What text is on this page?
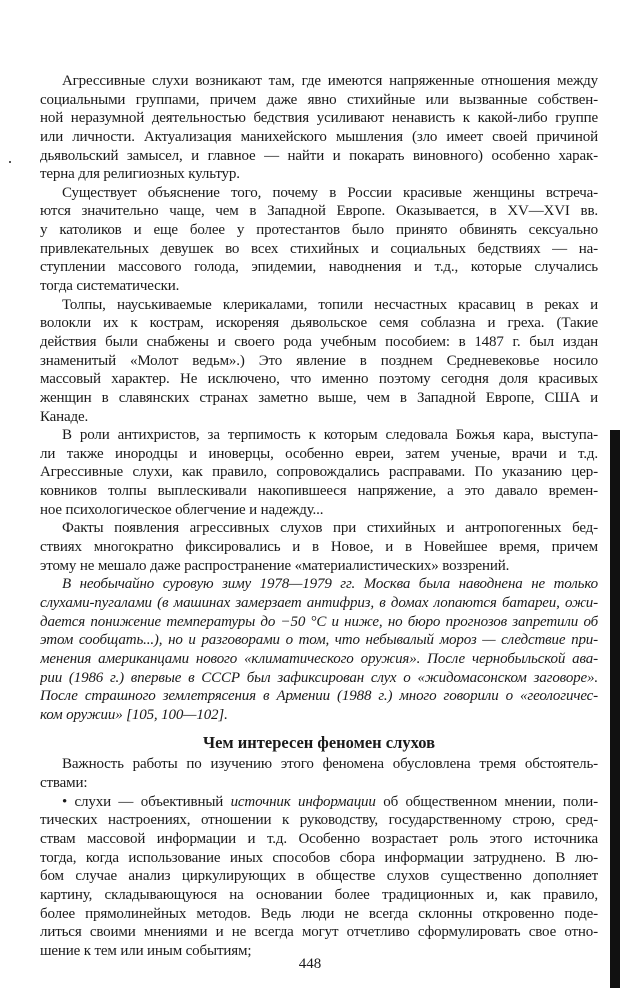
Агрессивные слухи возникают там, где имеются напряженные отношения между
социальными группами, причем даже явно стихийные или вызванные собствен-
ной неразумной деятельностью бедствия усиливают ненависть к какой-либо группе
или личности. Актуализация манихейского мышления (зло имеет своей причиной
дьявольский замысел, и главное — найти и покарать виновного) особенно харак-
терна для религиозных культур.
Существует объяснение того, почему в России красивые женщины встреча-
ются значительно чаще, чем в Западной Европе. Оказывается, в XV—XVI вв.
у католиков и еще более у протестантов было принято обвинять сексуально
привлекательных девушек во всех стихийных и социальных бедствиях — на-
ступлении массового голода, эпидемии, наводнения и т.д., которые случались
тогда систематически.
Толпы, науськиваемые клерикалами, топили несчастных красавиц в реках и
волокли их к кострам, искореняя дьявольское семя соблазна и греха. (Такие
действия были снабжены и своего рода учебным пособием: в 1487 г. был издан
знаменитый «Молот ведьм».) Это явление в позднем Средневековье носило
массовый характер. Не исключено, что именно поэтому сегодня доля красивых
женщин в славянских странах заметно выше, чем в Западной Европе, США и
Канаде.
В роли антихристов, за терпимость к которым следовала Божья кара, выступа-
ли также инородцы и иноверцы, особенно евреи, затем ученые, врачи и т.д.
Агрессивные слухи, как правило, сопровождались расправами. По указанию цер-
ковников толпы выплескивали накопившееся напряжение, а это давало времен-
ное психологическое облегчение и надежду...
Факты появления агрессивных слухов при стихийных и антропогенных бед-
ствиях многократно фиксировались и в Новое, и в Новейшее время, причем
этому не мешало даже распространение «материалистических» воззрений.
В необычайно суровую зиму 1978—1979 гг. Москва была наводнена не только
слухами-пугалами (в машинах замерзает антифриз, в домах лопаются батареи, ожи-
дается понижение температуры до −50 °С и ниже, но бюро прогнозов запретили об
этом сообщать...), но и разговорами о том, что небывалый мороз — следствие при-
менения американцами нового «климатического оружия». После чернобыльской ава-
рии (1986 г.) впервые в СССР был зафиксирован слух о «жидомасонском заговоре».
После страшного землетрясения в Армении (1988 г.) много говорили о «геологичес-
ком оружии» [105, 100—102].
Чем интересен феномен слухов
Важность работы по изучению этого феномена обусловлена тремя обстоятель-
ствами:
• слухи — объективный источник информации об общественном мнении, поли-
тических настроениях, отношении к руководству, государственному строю, сред-
ствам массовой информации и т.д. Особенно возрастает роль этого источника
тогда, когда использование иных способов сбора информации затруднено. В лю-
бом случае анализ циркулирующих в обществе слухов существенно дополняет
картину, складывающуюся на основании более традиционных и, как правило,
более прямолинейных методов. Ведь люди не всегда склонны откровенно поде-
литься своими мнениями и не всегда могут отчетливо сформулировать свое отно-
шение к тем или иным событиям;
448
